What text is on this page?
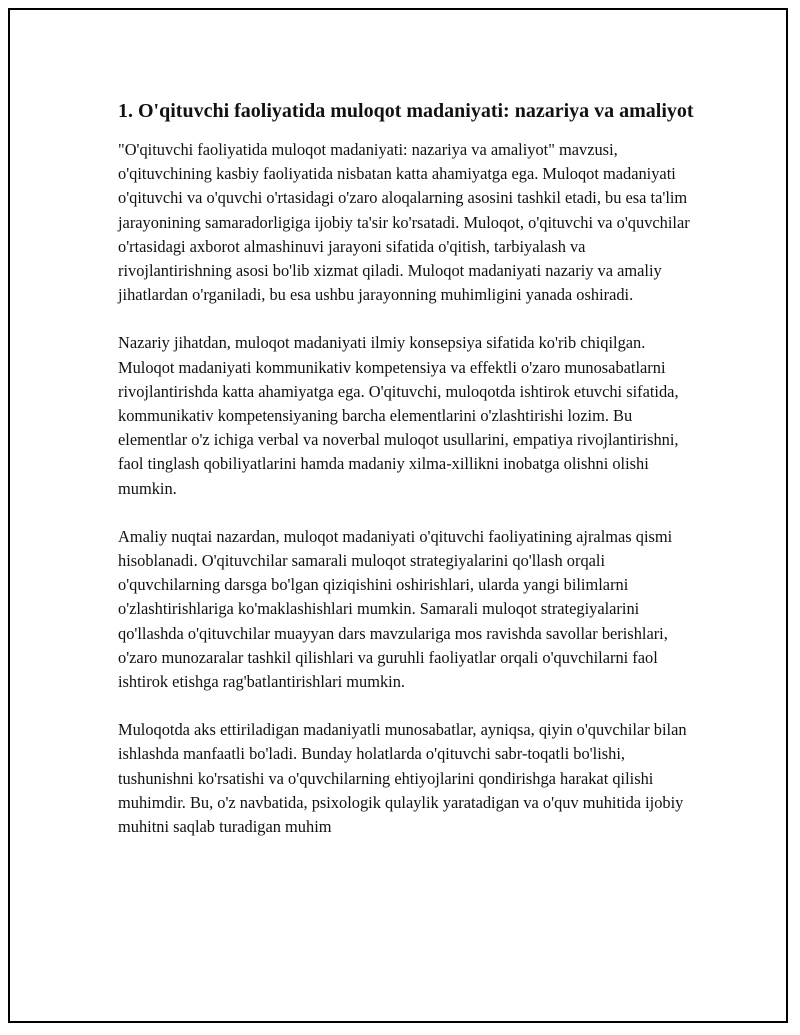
1. O'qituvchi faoliyatida muloqot madaniyati: nazariya va amaliyot

"O'qituvchi faoliyatida muloqot madaniyati: nazariya va amaliyot" mavzusi, o'qituvchining kasbiy faoliyatida nisbatan katta ahamiyatga ega. Muloqot madaniyati o'qituvchi va o'quvchi o'rtasidagi o'zaro aloqalarning asosini tashkil etadi, bu esa ta'lim jarayonining samaradorligiga ijobiy ta'sir ko'rsatadi. Muloqot, o'qituvchi va o'quvchilar o'rtasidagi axborot almashinuvi jarayoni sifatida o'qitish, tarbiyalash va rivojlantirishning asosi bo'lib xizmat qiladi. Muloqot madaniyati nazariy va amaliy jihatlardan o'rganiladi, bu esa ushbu jarayonning muhimligini yanada oshiradi.

Nazariy jihatdan, muloqot madaniyati ilmiy konsepsiya sifatida ko'rib chiqilgan. Muloqot madaniyati kommunikativ kompetensiya va effektli o'zaro munosabatlarni rivojlantirishda katta ahamiyatga ega. O'qituvchi, muloqotda ishtirok etuvchi sifatida, kommunikativ kompetensiyaning barcha elementlarini o'zlashtirishi lozim. Bu elementlar o'z ichiga verbal va noverbal muloqot usullarini, empatiya rivojlantirishni, faol tinglash qobiliyatlarini hamda madaniy xilma-xillikni inobatga olishni olishi mumkin.

Amaliy nuqtai nazardan, muloqot madaniyati o'qituvchi faoliyatining ajralmas qismi hisoblanadi. O'qituvchilar samarali muloqot strategiyalarini qo'llash orqali o'quvchilarning darsga bo'lgan qiziqishini oshirishlari, ularda yangi bilimlarni o'zlashtirishlariga ko'maklashishlari mumkin. Samarali muloqot strategiyalarini qo'llashda o'qituvchilar muayyan dars mavzulariga mos ravishda savollar berishlari, o'zaro munozaralar tashkil qilishlari va guruhli faoliyatlar orqali o'quvchilarni faol ishtirok etishga rag'batlantirishlari mumkin.

Muloqotda aks ettiriladigan madaniyatli munosabatlar, ayniqsa, qiyin o'quvchilar bilan ishlashda manfaatli bo'ladi. Bunday holatlarda o'qituvchi sabr-toqatli bo'lishi, tushunishni ko'rsatishi va o'quvchilarning ehtiyojlarini qondirishga harakat qilishi muhimdir. Bu, o'z navbatida, psixologik qulaylik yaratadigan va o'quv muhitida ijobiy muhitni saqlab turadigan muhim
